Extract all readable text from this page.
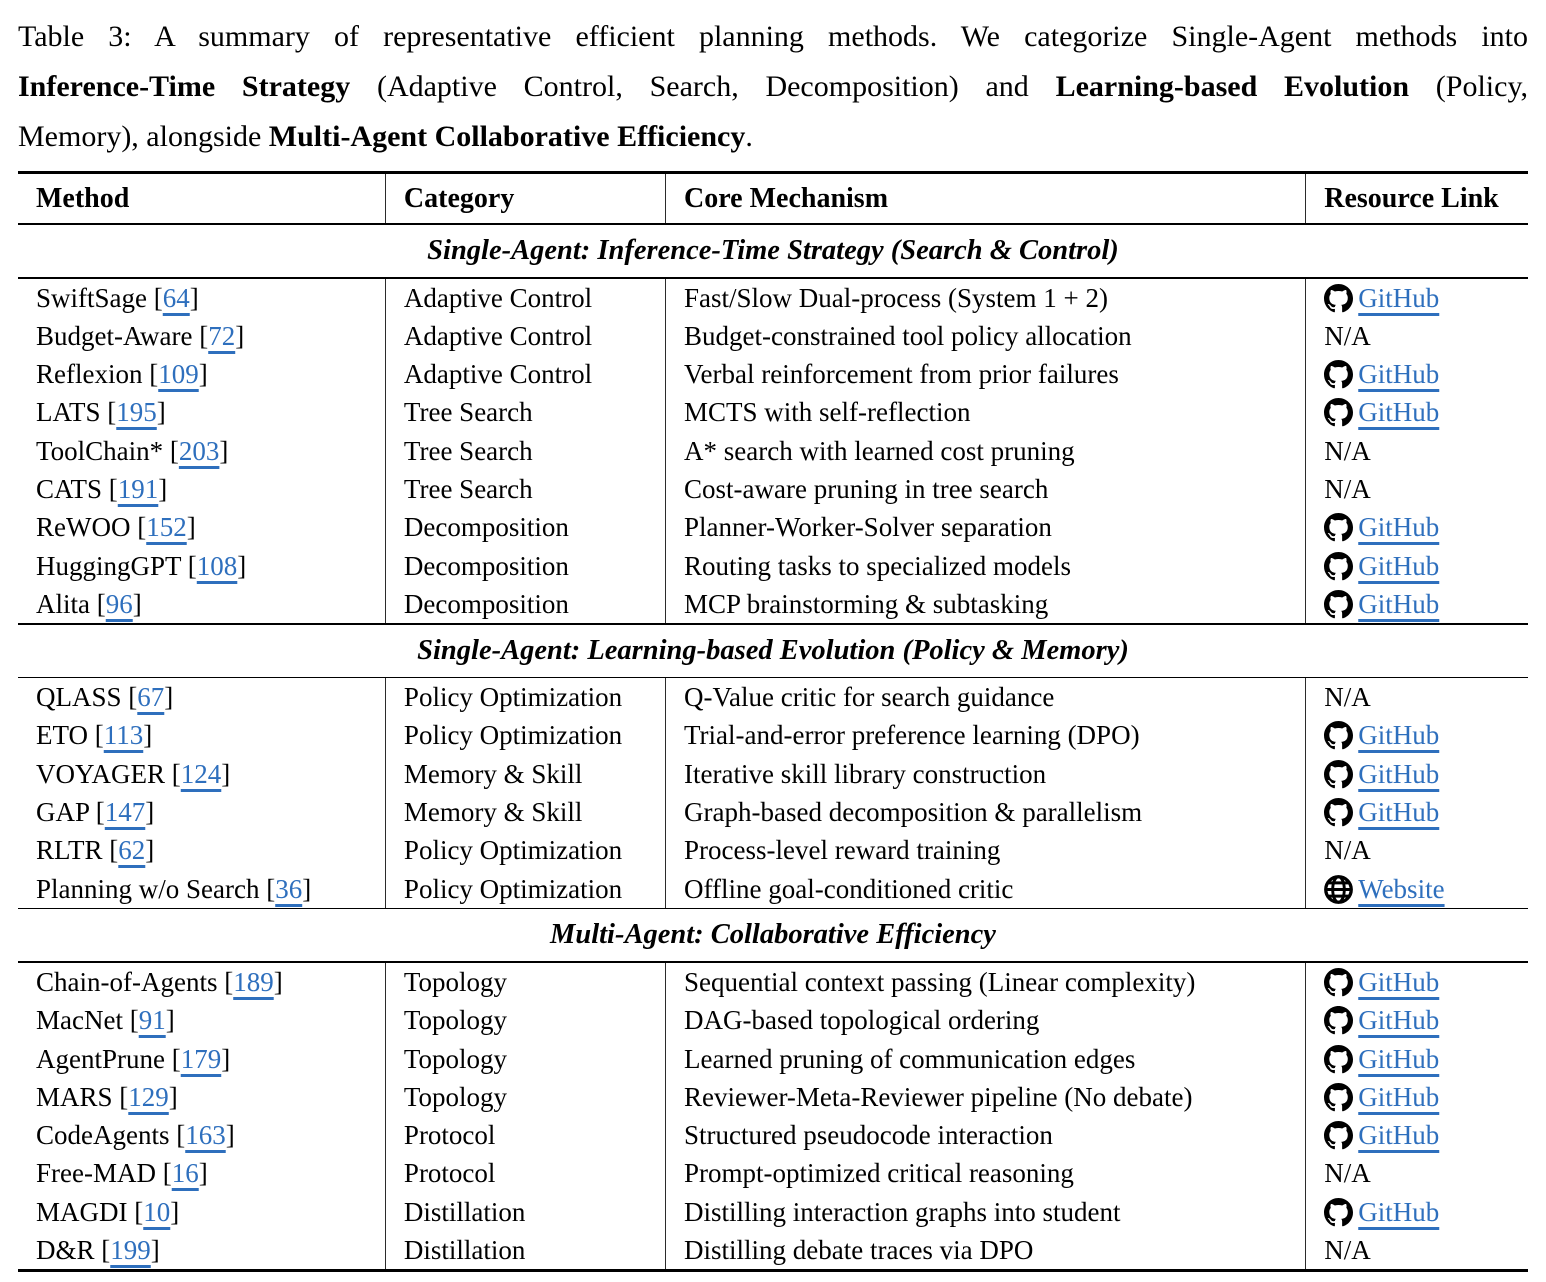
Table 3: A summary of representative efficient planning methods. We categorize Single-Agent methods into
Inference-Time Strategy (Adaptive Control, Search, Decomposition) and Learning-based Evolution (Policy,
Memory), alongside Multi-Agent Collaborative Efficiency.
Method	Category	Core Mechanism	Resource Link
Single-Agent: Inference-Time Strategy (Search & Control)
SwiftSage [64]	Adaptive Control	Fast/Slow Dual-process (System 1 + 2)	GitHub
Budget-Aware [72]	Adaptive Control	Budget-constrained tool policy allocation	N/A
Reflexion [109]	Adaptive Control	Verbal reinforcement from prior failures	GitHub
LATS [195]	Tree Search	MCTS with self-reflection	GitHub
ToolChain* [203]	Tree Search	A* search with learned cost pruning	N/A
CATS [191]	Tree Search	Cost-aware pruning in tree search	N/A
ReWOO [152]	Decomposition	Planner-Worker-Solver separation	GitHub
HuggingGPT [108]	Decomposition	Routing tasks to specialized models	GitHub
Alita [96]	Decomposition	MCP brainstorming & subtasking	GitHub
Single-Agent: Learning-based Evolution (Policy & Memory)
QLASS [67]	Policy Optimization	Q-Value critic for search guidance	N/A
ETO [113]	Policy Optimization	Trial-and-error preference learning (DPO)	GitHub
VOYAGER [124]	Memory & Skill	Iterative skill library construction	GitHub
GAP [147]	Memory & Skill	Graph-based decomposition & parallelism	GitHub
RLTR [62]	Policy Optimization	Process-level reward training	N/A
Planning w/o Search [36]	Policy Optimization	Offline goal-conditioned critic	Website
Multi-Agent: Collaborative Efficiency
Chain-of-Agents [189]	Topology	Sequential context passing (Linear complexity)	GitHub
MacNet [91]	Topology	DAG-based topological ordering	GitHub
AgentPrune [179]	Topology	Learned pruning of communication edges	GitHub
MARS [129]	Topology	Reviewer-Meta-Reviewer pipeline (No debate)	GitHub
CodeAgents [163]	Protocol	Structured pseudocode interaction	GitHub
Free-MAD [16]	Protocol	Prompt-optimized critical reasoning	N/A
MAGDI [10]	Distillation	Distilling interaction graphs into student	GitHub
D&R [199]	Distillation	Distilling debate traces via DPO	N/A
